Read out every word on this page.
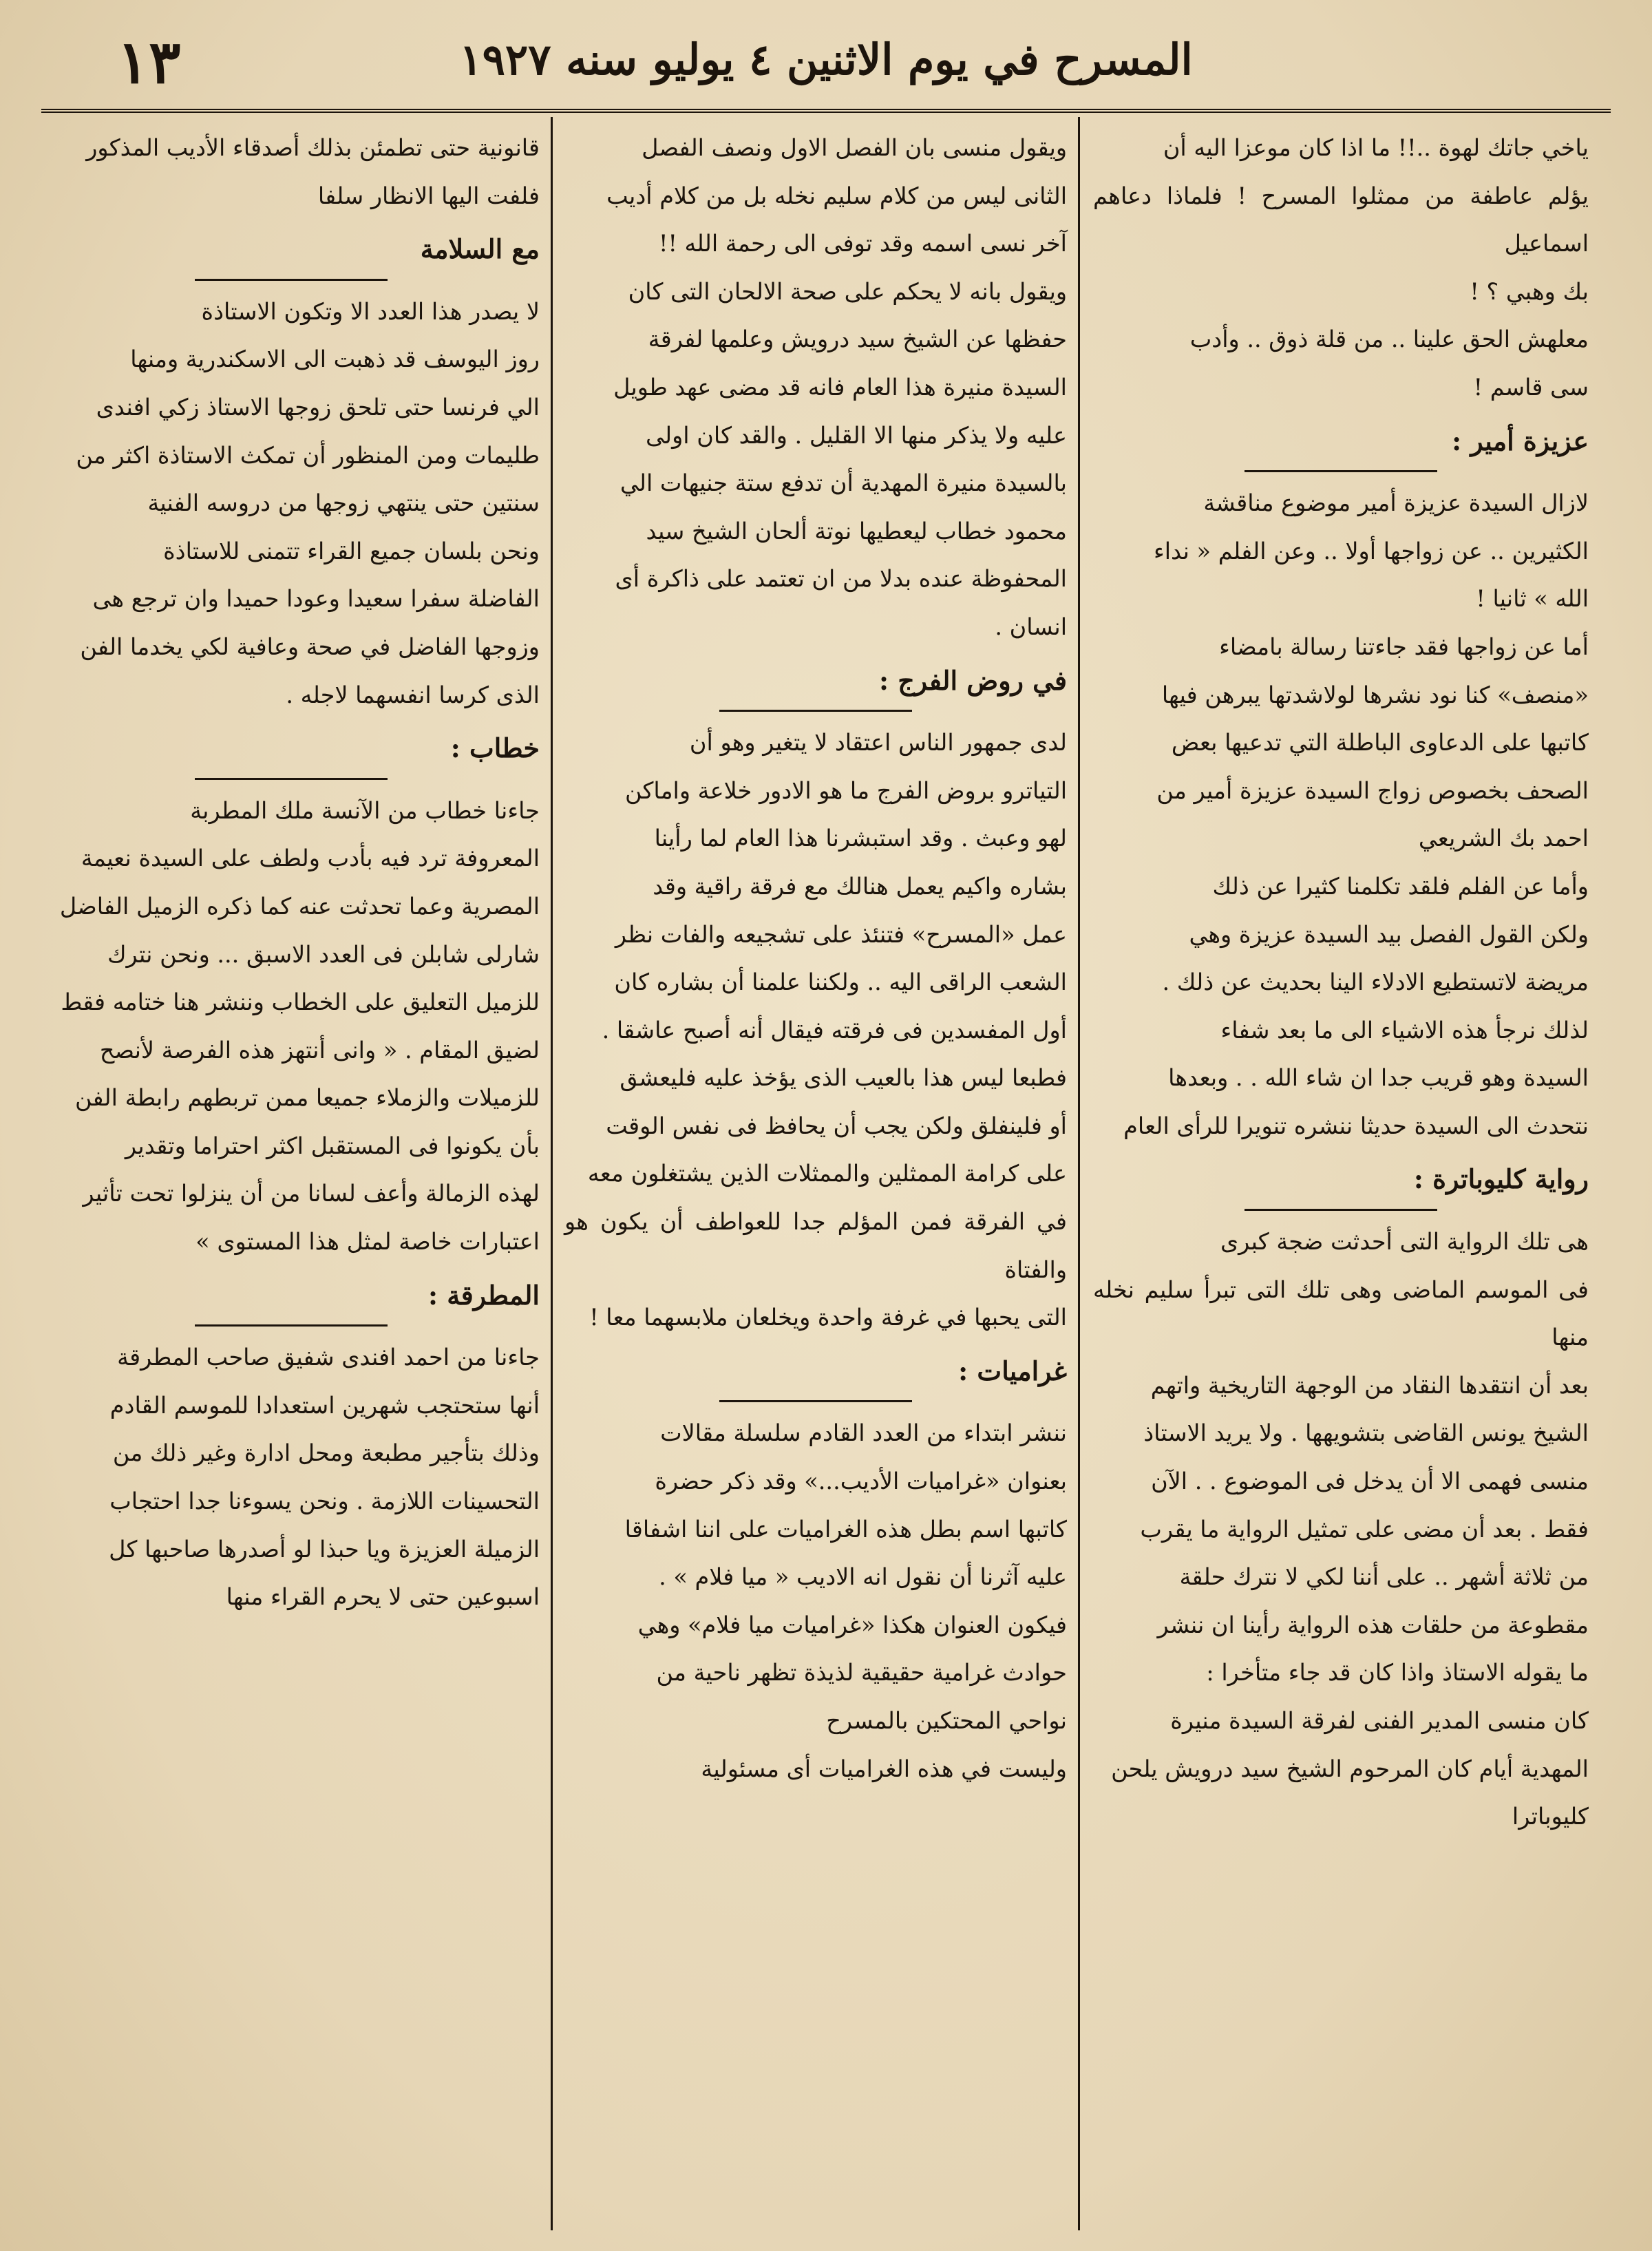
المسرح في يوم الاثنين ٤ يوليو سنه ١٩٢٧
١٣

ياخي جاتك لهوة ..!! ما اذا كان موعزا اليه أن

يؤلم عاطفة من ممثلوا المسرح ! فلماذا دعاهم اسماعيل

بك وهبي ؟ !

معلهش الحق علينا .. من قلة ذوق .. وأدب

سى قاسم !

عزيزة أمير :

لازال السيدة عزيزة أمير موضوع مناقشة

الكثيرين .. عن زواجها أولا .. وعن الفلم « نداء

الله » ثانيا !

أما عن زواجها فقد جاءتنا رسالة بامضاء

«منصف» كنا نود نشرها لولاشدتها يبرهن فيها

كاتبها على الدعاوى الباطلة التي تدعيها بعض

الصحف بخصوص زواج السيدة عزيزة أمير من

احمد بك الشريعي

وأما عن الفلم فلقد تكلمنا كثيرا عن ذلك

ولكن القول الفصل بيد السيدة عزيزة وهي

مريضة لاتستطيع الادلاء الينا بحديث عن ذلك .

لذلك نرجأ هذه الاشياء الى ما بعد شفاء

السيدة وهو قريب جدا ان شاء الله . . وبعدها

نتحدث الى السيدة حديثا ننشره تنويرا للرأى العام

رواية كليوباترة :

هى تلك الرواية التى أحدثت ضجة كبرى

فى الموسم الماضى وهى تلك التى تبرأ سليم نخله منها

بعد أن انتقدها النقاد من الوجهة التاريخية واتهم

الشيخ يونس القاضى بتشويهها . ولا يريد الاستاذ

منسى فهمى الا أن يدخل فى الموضوع . . الآن

فقط . بعد أن مضى على تمثيل الرواية ما يقرب

من ثلاثة أشهر .. على أننا لكي لا نترك حلقة

مقطوعة من حلقات هذه الرواية رأينا ان ننشر

ما يقوله الاستاذ واذا كان قد جاء متأخرا :

كان منسى المدير الفنى لفرقة السيدة منيرة

المهدية أيام كان المرحوم الشيخ سيد درويش يلحن

كليوباترا

ويقول منسى بان الفصل الاول ونصف الفصل

الثانى ليس من كلام سليم نخله بل من كلام أديب

آخر نسى اسمه وقد توفى الى رحمة الله !!

ويقول بانه لا يحكم على صحة الالحان التى كان

حفظها عن الشيخ سيد درويش وعلمها لفرقة

السيدة منيرة هذا العام فانه قد مضى عهد طويل

عليه ولا يذكر منها الا القليل . والقد كان اولى

بالسيدة منيرة المهدية أن تدفع ستة جنيهات الي

محمود خطاب ليعطيها نوتة ألحان الشيخ سيد

المحفوظة عنده بدلا من ان تعتمد على ذاكرة أى

انسان .

في روض الفرج :

لدى جمهور الناس اعتقاد لا يتغير وهو أن

التياترو بروض الفرج ما هو الادور خلاعة واماكن

لهو وعبث . وقد استبشرنا هذا العام لما رأينا

بشاره واكيم يعمل هنالك مع فرقة راقية وقد

عمل «المسرح» فتنئذ على تشجيعه والفات نظر

الشعب الراقى اليه .. ولكننا علمنا أن بشاره كان

أول المفسدين فى فرقته فيقال أنه أصبح عاشقا .

فطبعا ليس هذا بالعيب الذى يؤخذ عليه فليعشق

أو فلينفلق ولكن يجب أن يحافظ فى نفس الوقت

على كرامة الممثلين والممثلات الذين يشتغلون معه

في الفرقة فمن المؤلم جدا للعواطف أن يكون هو والفتاة

التى يحبها في غرفة واحدة ويخلعان ملابسهما معا !

غراميات :

ننشر ابتداء من العدد القادم سلسلة مقالات

بعنوان «غراميات الأديب...» وقد ذكر حضرة

كاتبها اسم بطل هذه الغراميات على اننا اشفاقا

عليه آثرنا أن نقول انه الاديب « ميا فلام » .

فيكون العنوان هكذا «غراميات ميا فلام» وهي

حوادث غرامية حقيقية لذيذة تظهر ناحية من

نواحي المحتكين بالمسرح

وليست في هذه الغراميات أى مسئولية

قانونية حتى تطمئن بذلك أصدقاء الأديب المذكور

فلفت اليها الانظار سلفا

مع السلامة

لا يصدر هذا العدد الا وتكون الاستاذة

روز اليوسف قد ذهبت الى الاسكندرية ومنها

الي فرنسا حتى تلحق زوجها الاستاذ زكي افندى

طليمات ومن المنظور أن تمكث الاستاذة اكثر من

سنتين حتى ينتهي زوجها من دروسه الفنية

ونحن بلسان جميع القراء تتمنى للاستاذة

الفاضلة سفرا سعيدا وعودا حميدا وان ترجع هى

وزوجها الفاضل في صحة وعافية لكي يخدما الفن

الذى كرسا انفسهما لاجله .

خطاب :

جاءنا خطاب من الآنسة ملك المطربة

المعروفة ترد فيه بأدب ولطف على السيدة نعيمة

المصرية وعما تحدثت عنه كما ذكره الزميل الفاضل

شارلى شابلن فى العدد الاسبق ... ونحن نترك

للزميل التعليق على الخطاب وننشر هنا ختامه فقط

لضيق المقام . « وانى أنتهز هذه الفرصة لأنصح

للزميلات والزملاء جميعا ممن تربطهم رابطة الفن

بأن يكونوا فى المستقبل اكثر احتراما وتقدير

لهذه الزمالة وأعف لسانا من أن ينزلوا تحت تأثير

اعتبارات خاصة لمثل هذا المستوى »

المطرقة :

جاءنا من احمد افندى شفيق صاحب المطرقة

أنها ستحتجب شهرين استعدادا للموسم القادم

وذلك بتأجير مطبعة ومحل ادارة وغير ذلك من

التحسينات اللازمة . ونحن يسوءنا جدا احتجاب

الزميلة العزيزة ويا حبذا لو أصدرها صاحبها كل

اسبوعين حتى لا يحرم القراء منها
